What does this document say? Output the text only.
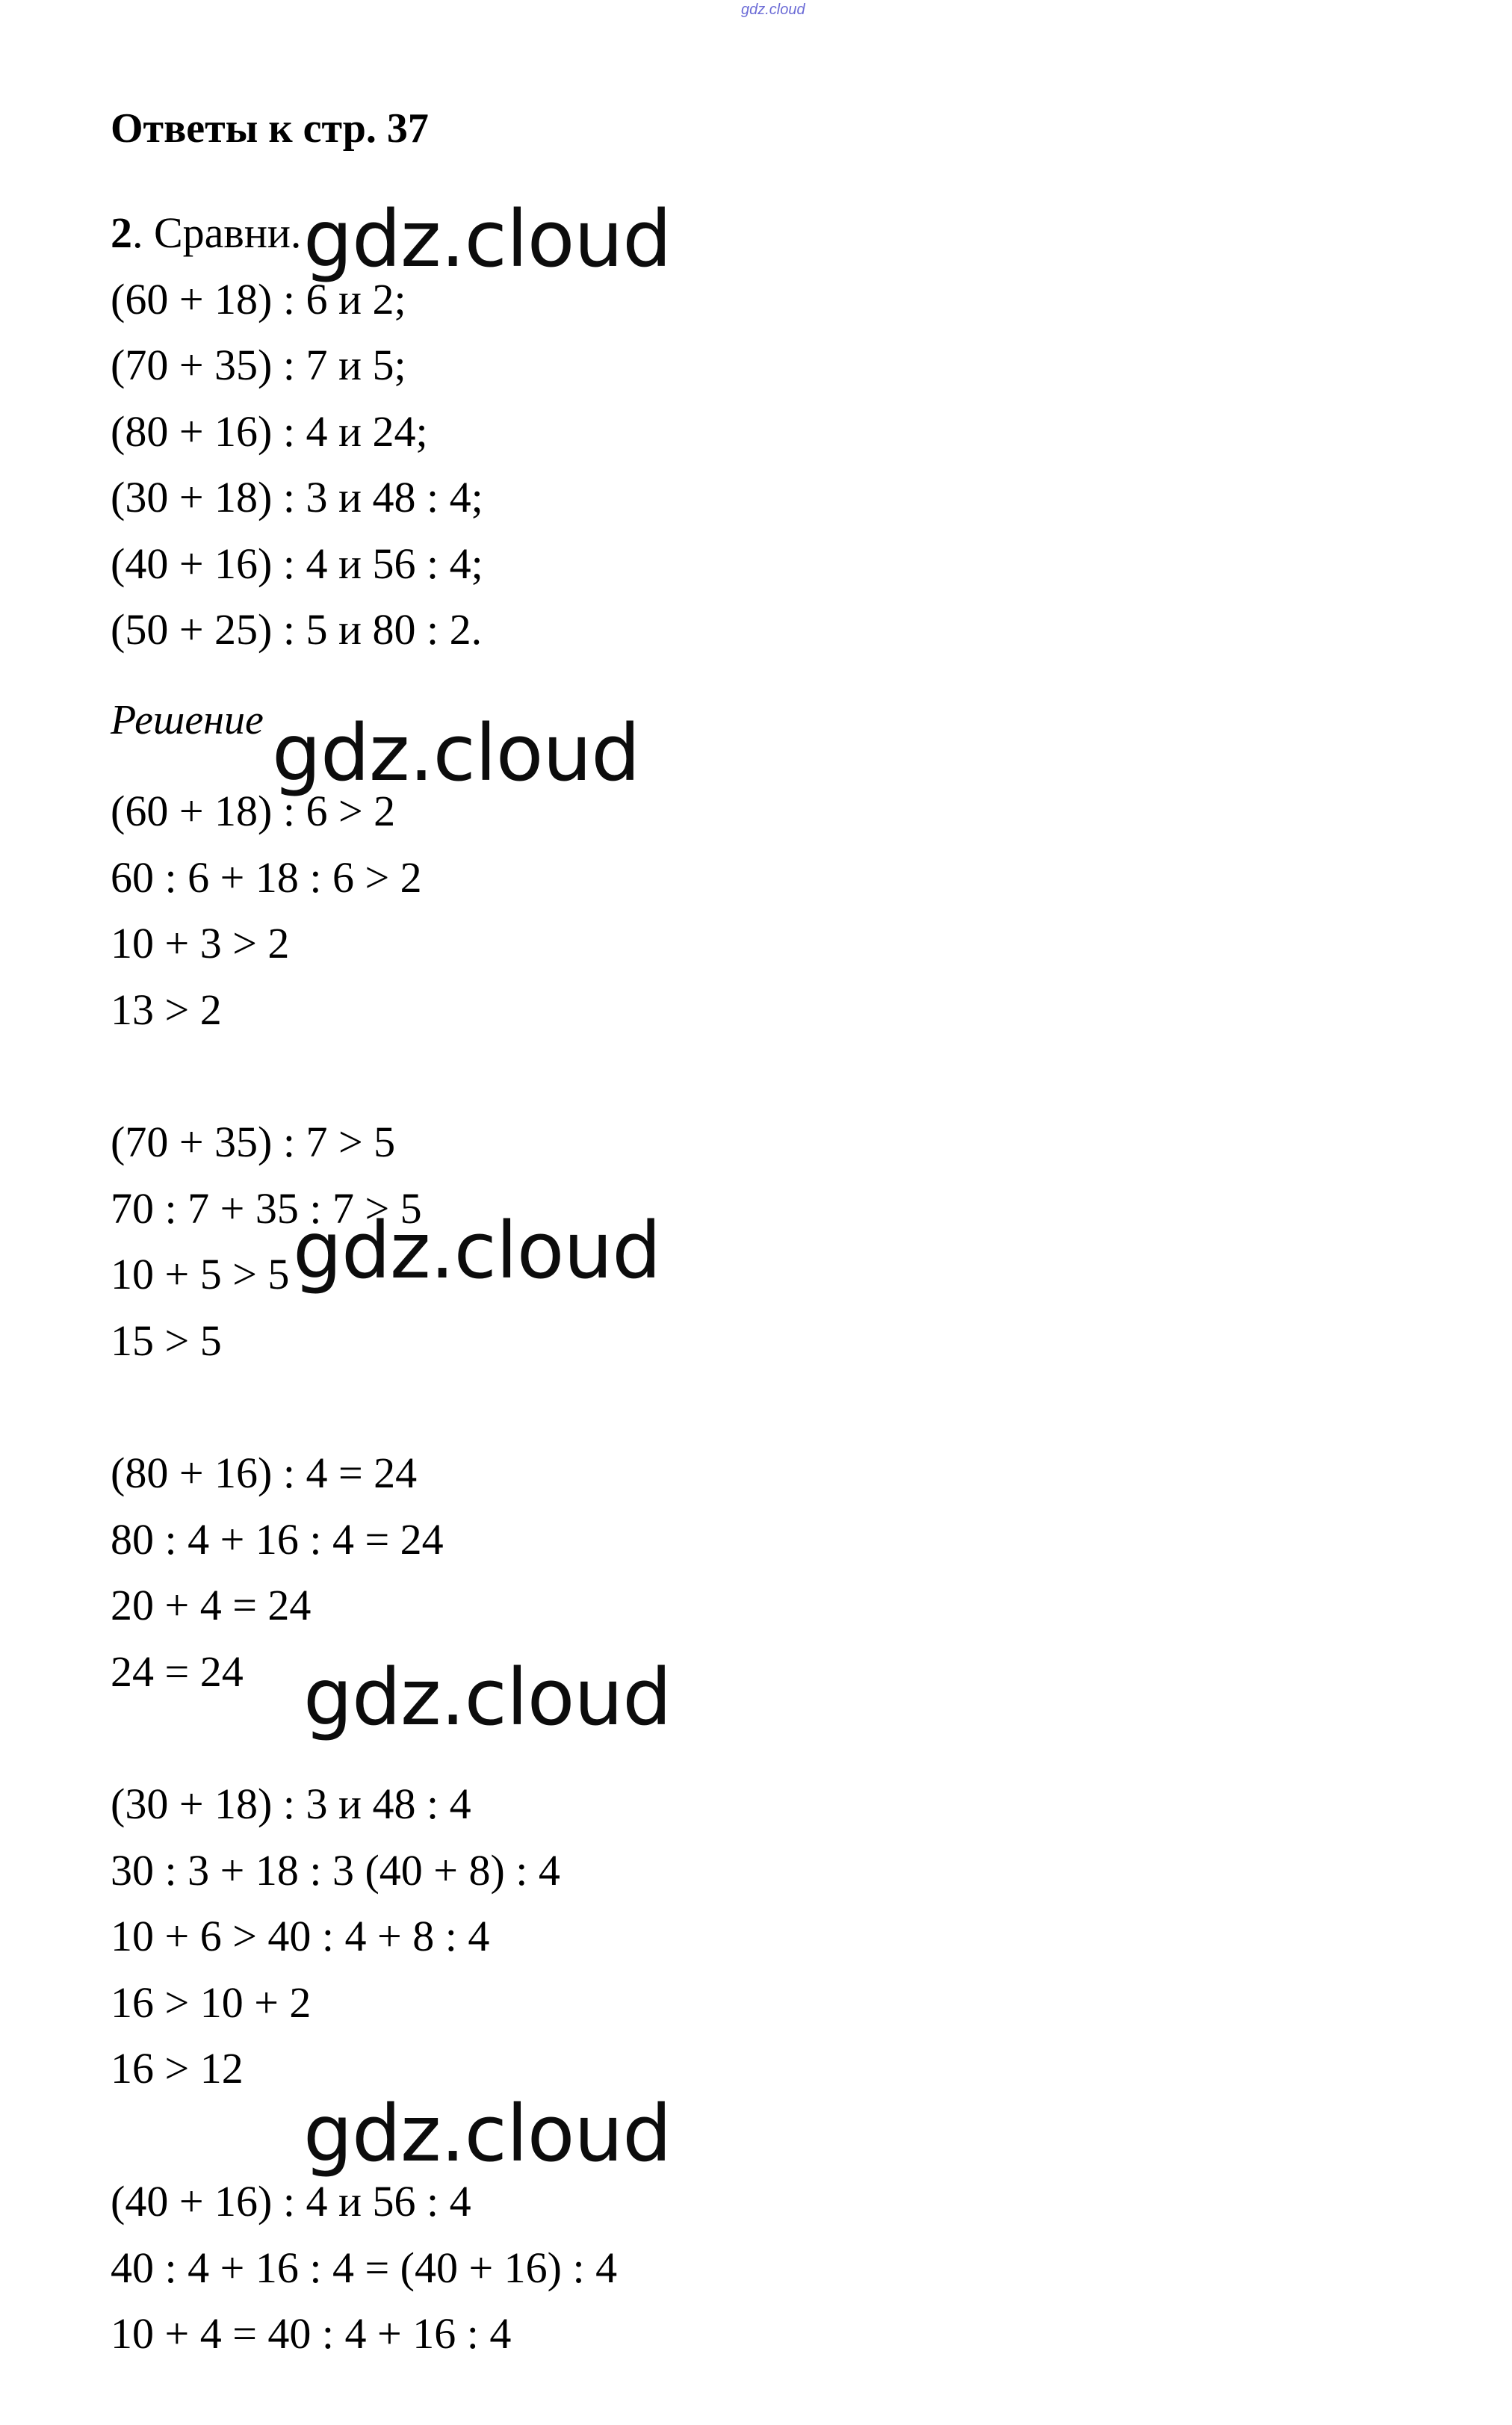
gdz.cloud
Ответы к стр. 37
2. Сравни.
(60 + 18) : 6 и 2;
(70 + 35) : 7 и 5;
(80 + 16) : 4 и 24;
(30 + 18) : 3 и 48 : 4;
(40 + 16) : 4 и 56 : 4;
(50 + 25) : 5 и 80 : 2.
Решение
(60 + 18) : 6 > 2
60 : 6 + 18 : 6 > 2
10 + 3 > 2
13 > 2
(70 + 35) : 7 > 5
70 : 7 + 35 : 7 > 5
10 + 5 > 5
15 > 5
(80 + 16) : 4 = 24
80 : 4 + 16 : 4 = 24
20 + 4 = 24
24 = 24
(30 + 18) : 3 и 48 : 4
30 : 3 + 18 : 3 (40 + 8) : 4
10 + 6 > 40 : 4 + 8 : 4
16 > 10 + 2
16 > 12
(40 + 16) : 4 и 56 : 4
40 : 4 + 16 : 4 = (40 + 16) : 4
10 + 4 = 40 : 4 + 16 : 4
gdz.cloud
gdz.cloud
gdz.cloud
gdz.cloud
gdz.cloud
